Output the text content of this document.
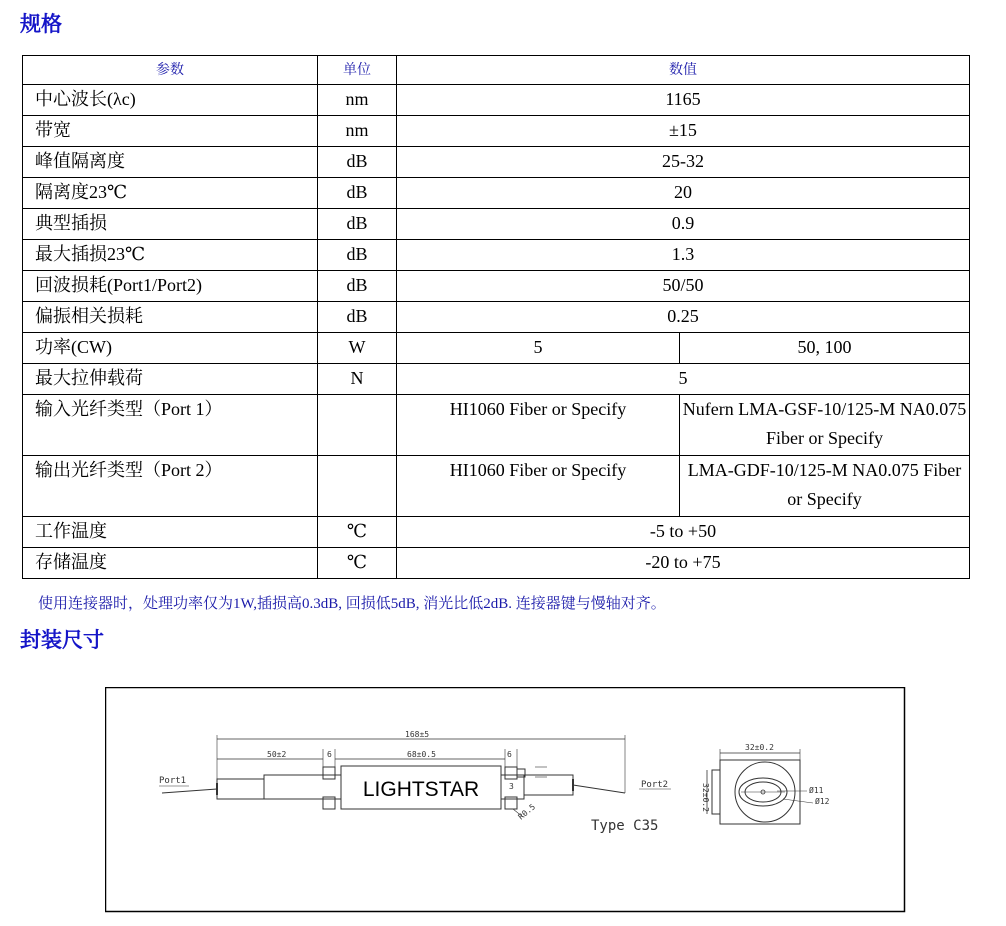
规格
参数	单位	数值	
中心波长(λc)	nm	1165	
带宽	nm	±15	
峰值隔离度	dB	25-32	
隔离度23℃	dB	20	
典型插损	dB	0.9	
最大插损23℃	dB	1.3	
回波损耗(Port1/Port2)	dB	50/50	
偏振相关损耗	dB	0.25	
功率(CW)	W	5	50, 100
最大拉伸载荷	N	5	
输入光纤类型（Port 1）		HI1060 Fiber or Specify	Nufern LMA-GSF-10/125-M NA0.075 Fiber or Specify
输出光纤类型（Port 2）		HI1060 Fiber or Specify	LMA-GDF-10/125-M NA0.075 Fiber or Specify
工作温度	℃	-5 to +50	
存储温度	℃	-20 to +75	

使用连接器时，处理功率仅为1W,插损高0.3dB, 回损低5dB, 消光比低2dB. 连接器键与慢轴对齐。

封装尺寸
LIGHTSTAR
168±5
50±2	68±0.5
6	6
3
R0.5
Port1	Port2
Type C35
32±0.2
32±0.2	Ø11
Ø12
